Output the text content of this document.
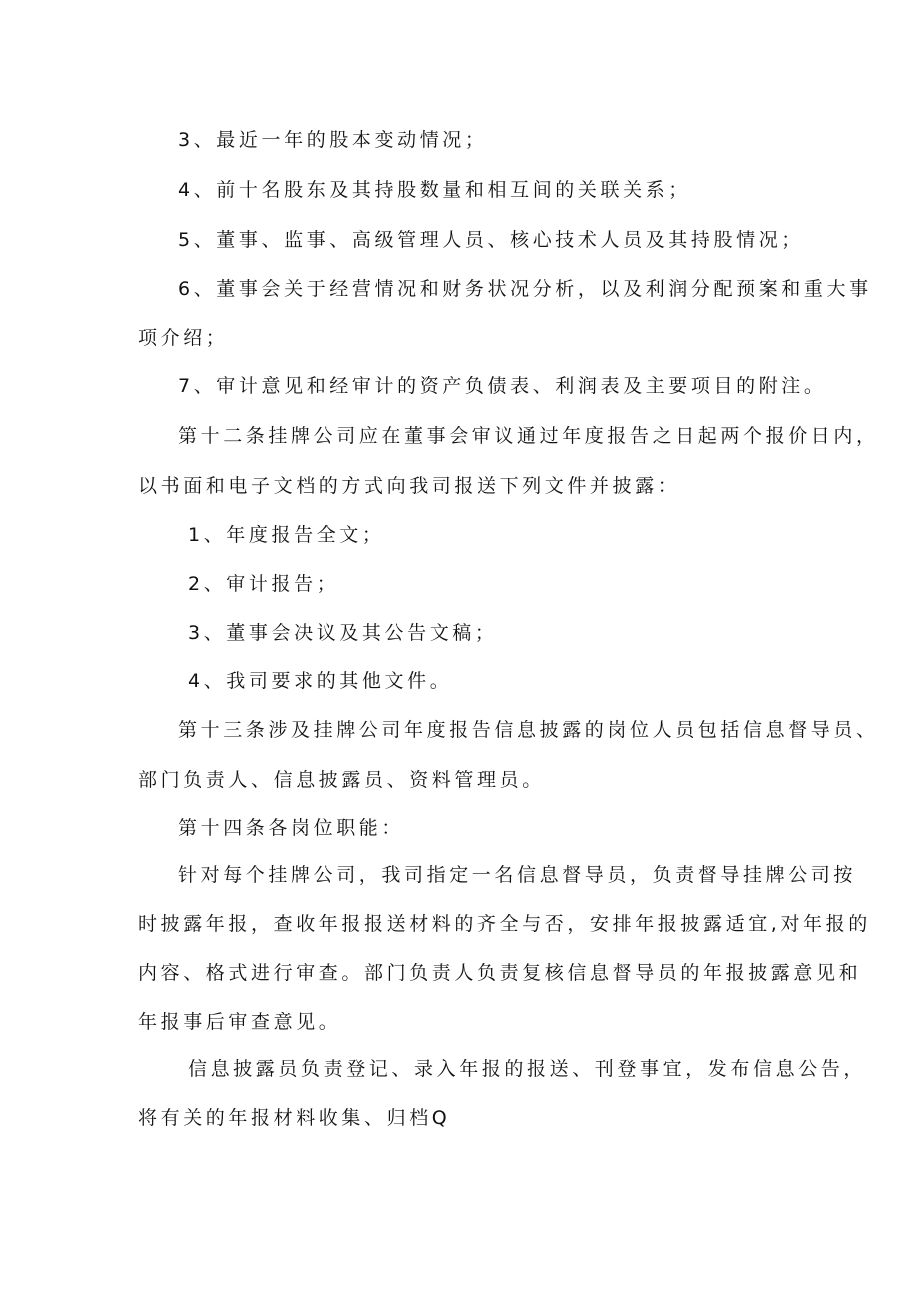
3、最近一年的股本变动情况；
4、前十名股东及其持股数量和相互间的关联关系；
5、董事、监事、高级管理人员、核心技术人员及其持股情况；
6、董事会关于经营情况和财务状况分析，以及利润分配预案和重大事
项介绍；
7、审计意见和经审计的资产负债表、利润表及主要项目的附注。
第十二条挂牌公司应在董事会审议通过年度报告之日起两个报价日内，
以书面和电子文档的方式向我司报送下列文件并披露：
1、年度报告全文；
2、审计报告；
3、董事会决议及其公告文稿；
4、我司要求的其他文件。
第十三条涉及挂牌公司年度报告信息披露的岗位人员包括信息督导员、
部门负责人、信息披露员、资料管理员。
第十四条各岗位职能：
针对每个挂牌公司，我司指定一名信息督导员，负责督导挂牌公司按
时披露年报，查收年报报送材料的齐全与否，安排年报披露适宜,对年报的
内容、格式进行审查。部门负责人负责复核信息督导员的年报披露意见和
年报事后审查意见。
信息披露员负责登记、录入年报的报送、刊登事宜，发布信息公告，
将有关的年报材料收集、归档Q
